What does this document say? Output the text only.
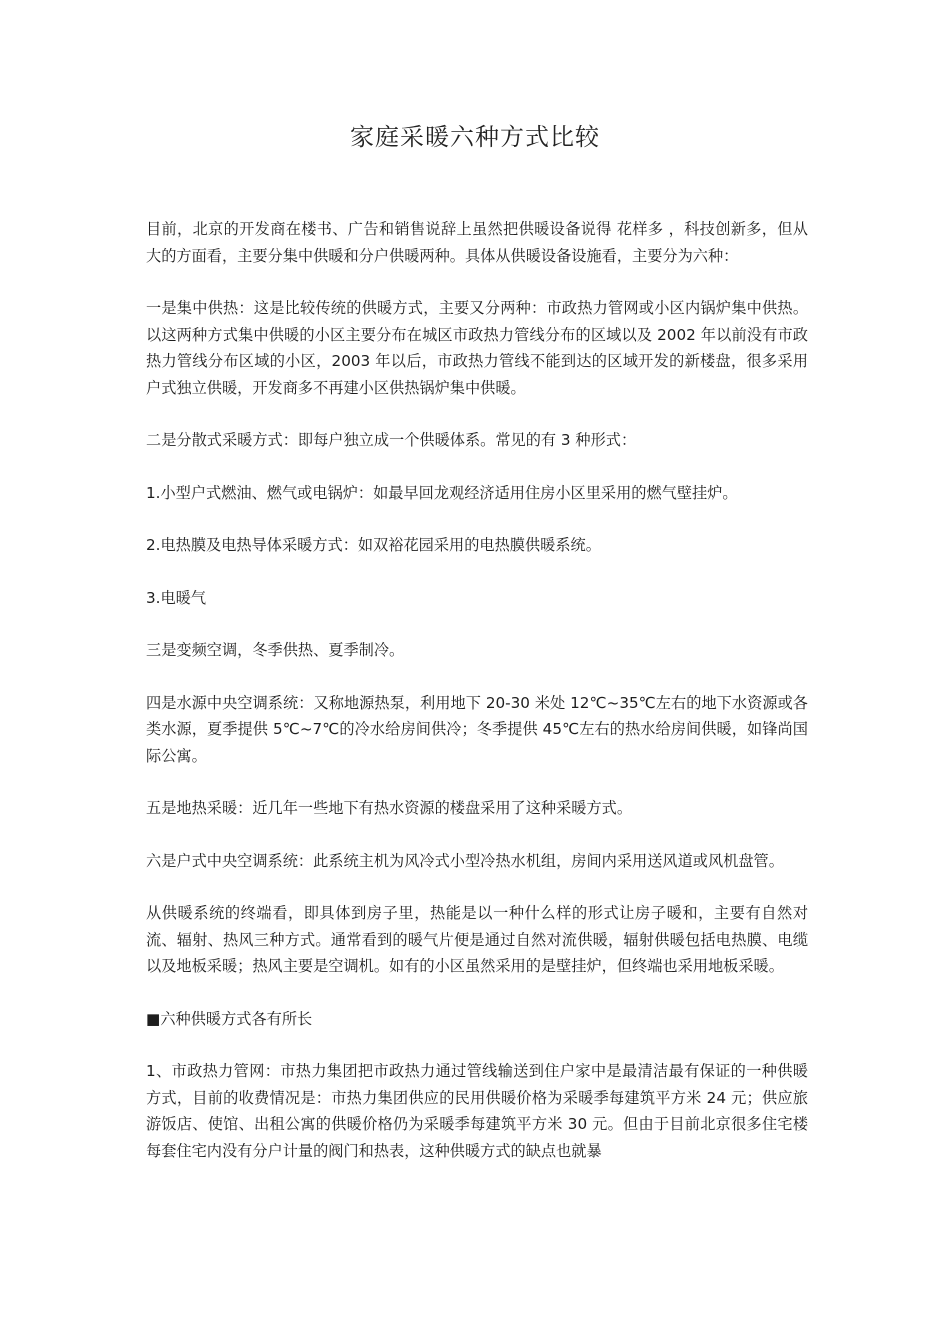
家庭采暖六种方式比较

目前，北京的开发商在楼书、广告和销售说辞上虽然把供暖设备说得 花样多 ，科技创新多，但从大的方面看，主要分集中供暖和分户供暖两种。具体从供暖设备设施看，主要分为六种：

一是集中供热：这是比较传统的供暖方式，主要又分两种：市政热力管网或小区内锅炉集中供热。以这两种方式集中供暖的小区主要分布在城区市政热力管线分布的区域以及 2002 年以前没有市政热力管线分布区域的小区，2003 年以后，市政热力管线不能到达的区域开发的新楼盘，很多采用户式独立供暖，开发商多不再建小区供热锅炉集中供暖。

二是分散式采暖方式：即每户独立成一个供暖体系。常见的有 3 种形式：

1.小型户式燃油、燃气或电锅炉：如最早回龙观经济适用住房小区里采用的燃气壁挂炉。

2.电热膜及电热导体采暖方式：如双裕花园采用的电热膜供暖系统。

3.电暖气

三是变频空调，冬季供热、夏季制冷。

四是水源中央空调系统：又称地源热泵，利用地下 20-30 米处 12℃~35℃左右的地下水资源或各类水源，夏季提供 5℃~7℃的冷水给房间供冷；冬季提供 45℃左右的热水给房间供暖，如锋尚国际公寓。

五是地热采暖：近几年一些地下有热水资源的楼盘采用了这种采暖方式。

六是户式中央空调系统：此系统主机为风冷式小型冷热水机组，房间内采用送风道或风机盘管。

从供暖系统的终端看，即具体到房子里，热能是以一种什么样的形式让房子暖和，主要有自然对流、辐射、热风三种方式。通常看到的暖气片便是通过自然对流供暖，辐射供暖包括电热膜、电缆以及地板采暖；热风主要是空调机。如有的小区虽然采用的是壁挂炉，但终端也采用地板采暖。

■六种供暖方式各有所长

1、市政热力管网：市热力集团把市政热力通过管线输送到住户家中是最清洁最有保证的一种供暖方式，目前的收费情况是：市热力集团供应的民用供暖价格为采暖季每建筑平方米 24 元；供应旅游饭店、使馆、出租公寓的供暖价格仍为采暖季每建筑平方米 30 元。但由于目前北京很多住宅楼每套住宅内没有分户计量的阀门和热表，这种供暖方式的缺点也就暴
